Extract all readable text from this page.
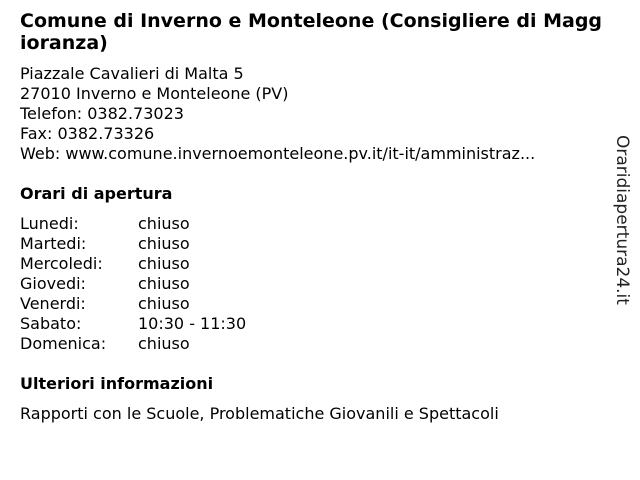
Comune di Inverno e Monteleone (Consigliere di Maggioranza)
Piazzale Cavalieri di Malta 5
27010 Inverno e Monteleone (PV)
Telefon: 0382.73023
Fax: 0382.73326
Web: www.comune.invernoemonteleone.pv.it/it-it/amministraz...
Orari di apertura
Lunedi:	chiuso
Martedi:	chiuso
Mercoledi:	chiuso
Giovedi:	chiuso
Venerdi:	chiuso
Sabato:	10:30 - 11:30
Domenica:	chiuso
Ulteriori informazioni
Rapporti con le Scuole, Problematiche Giovanili e Spettacoli
Oraridiapertura24.it
